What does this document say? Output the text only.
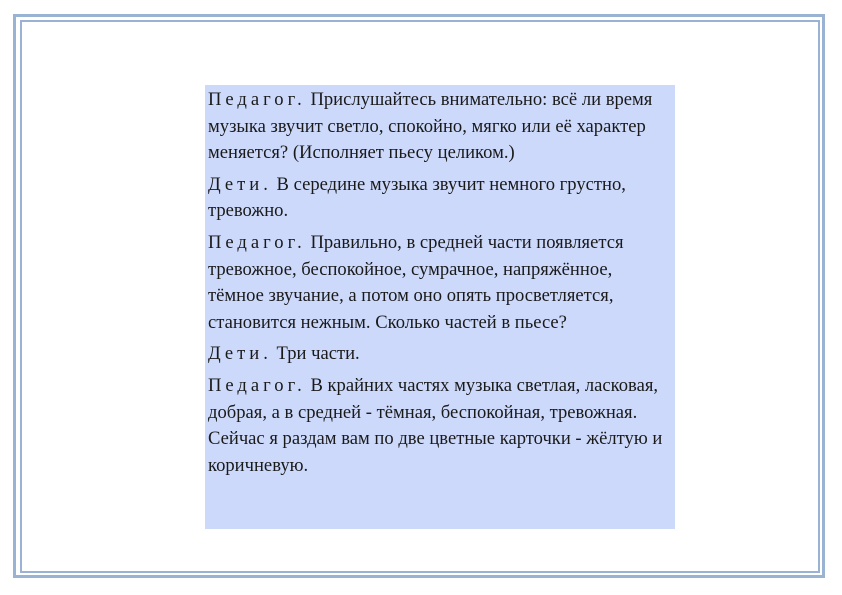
Педагог. Прислушайтесь внимательно: всё ли время музыка звучит светло, спокойно, мягко или её характер меняется? (Исполняет пьесу целиком.)

Дети. В середине музыка звучит немного грустно, тревожно.

Педагог. Правильно, в средней части появляется тревожное, беспокойное, сумрачное, напряжённое, тёмное звучание, а потом оно опять просветляется, становится нежным. Сколько частей в пьесе?

Дети. Три части.

Педагог. В крайних частях музыка светлая, ласковая, добрая, а в средней - тёмная, беспокойная, тревожная. Сейчас я раздам вам по две цветные карточки - жёлтую и коричневую.
